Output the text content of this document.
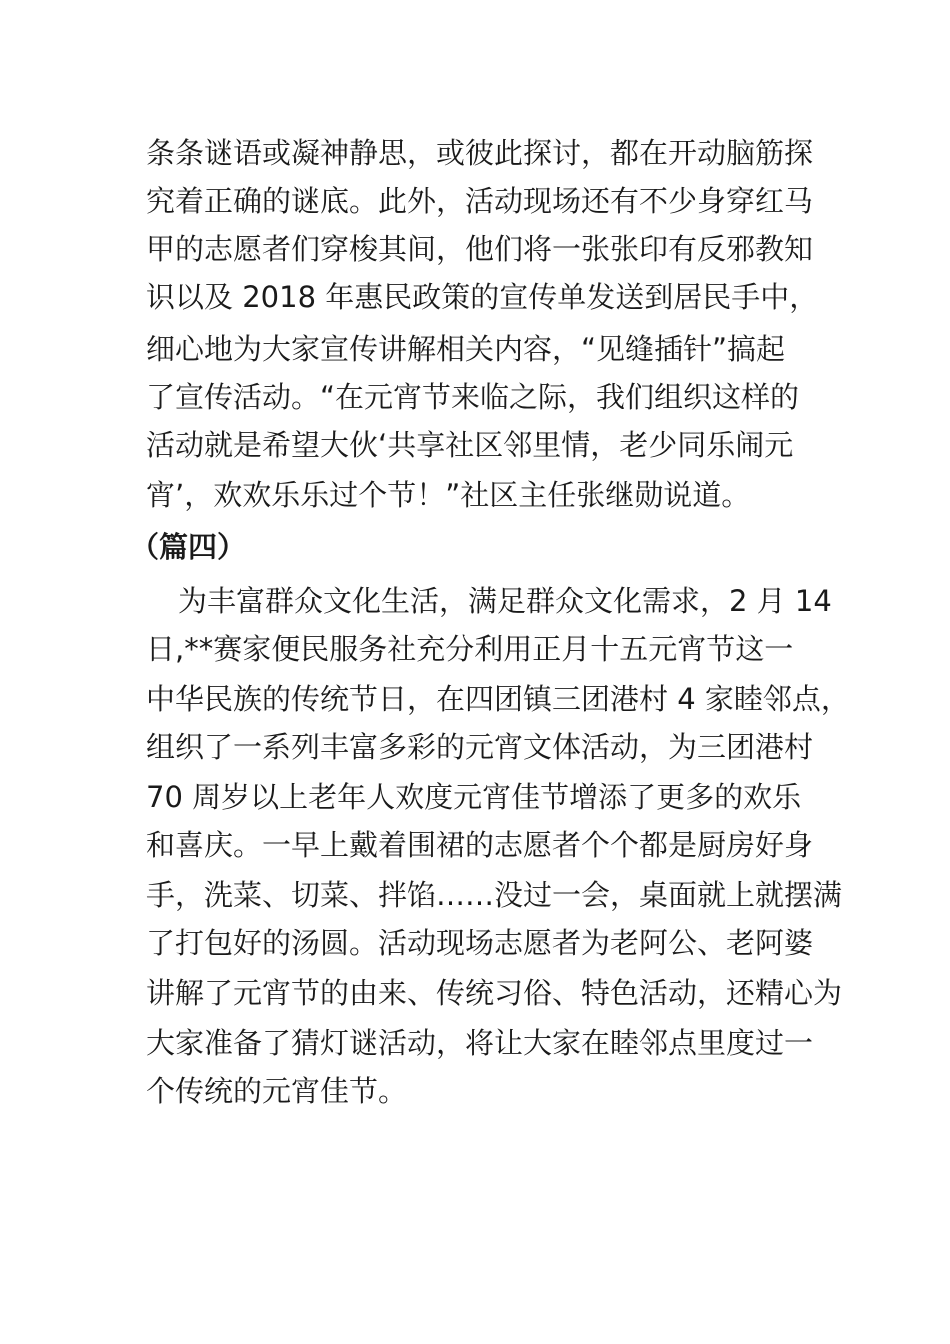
条条谜语或凝神静思，或彼此探讨，都在开动脑筋探
究着正确的谜底。此外，活动现场还有不少身穿红马
甲的志愿者们穿梭其间，他们将一张张印有反邪教知
识以及 2018 年惠民政策的宣传单发送到居民手中，
细心地为大家宣传讲解相关内容，“见缝插针”搞起
了宣传活动。“在元宵节来临之际，我们组织这样的
活动就是希望大伙‘共享社区邻里情，老少同乐闹元
宵’，欢欢乐乐过个节！”社区主任张继勋说道。
（篇四）
为丰富群众文化生活，满足群众文化需求，2 月 14
日,**赛家便民服务社充分利用正月十五元宵节这一
中华民族的传统节日，在四团镇三团港村 4 家睦邻点，
组织了一系列丰富多彩的元宵文体活动，为三团港村
70 周岁以上老年人欢度元宵佳节增添了更多的欢乐
和喜庆。一早上戴着围裙的志愿者个个都是厨房好身
手，洗菜、切菜、拌馅……没过一会，桌面就上就摆满
了打包好的汤圆。活动现场志愿者为老阿公、老阿婆
讲解了元宵节的由来、传统习俗、特色活动，还精心为
大家准备了猜灯谜活动，将让大家在睦邻点里度过一
个传统的元宵佳节。
